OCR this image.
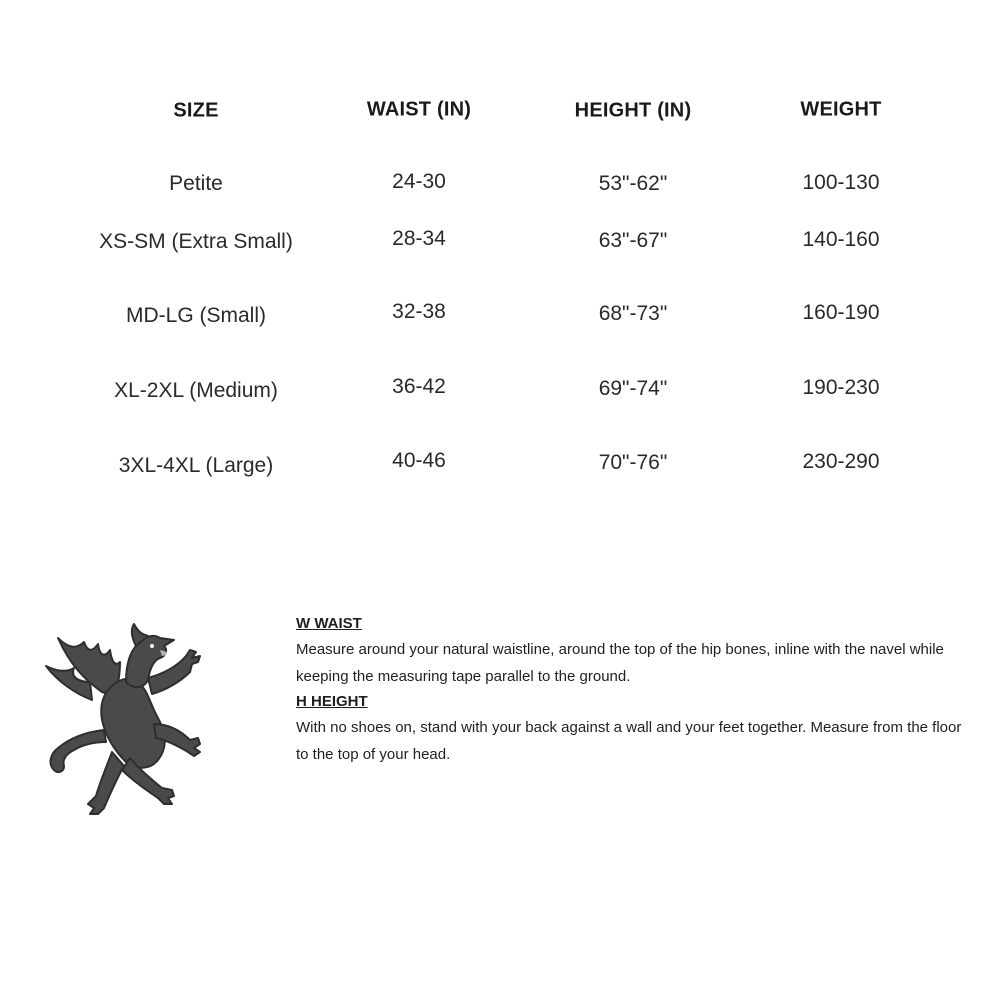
SIZE	WAIST (IN)	HEIGHT (IN)	WEIGHT
Petite	24-30	53"-62"	100-130
XS-SM (Extra Small)	28-34	63"-67"	140-160
MD-LG (Small)	32-38	68"-73"	160-190
XL-2XL (Medium)	36-42	69"-74"	190-230
3XL-4XL (Large)	40-46	70"-76"	230-290
W WAIST

Measure around your natural waistline, around the top of the hip bones, inline with the navel while keeping the measuring tape parallel to the ground.

H HEIGHT

With no shoes on, stand with your back against a wall and your feet together. Measure from the floor to the top of your head.
